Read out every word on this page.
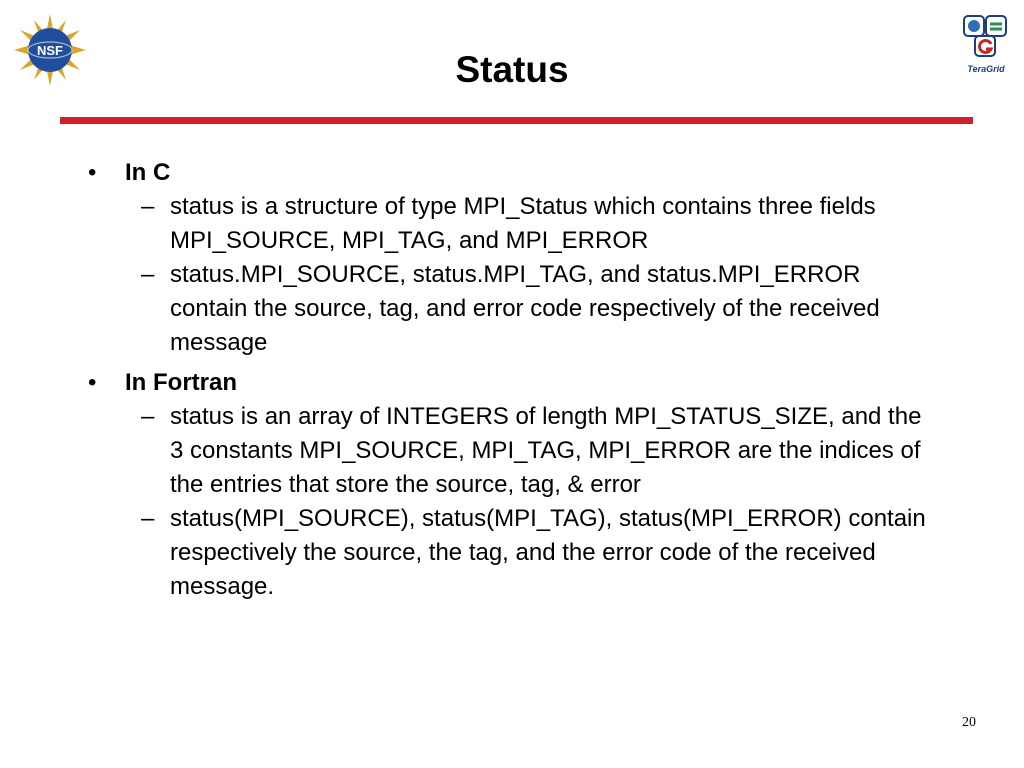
NSF
TeraGrid
Status
• In C
– status is a structure of type MPI_Status which contains three fields MPI_SOURCE, MPI_TAG, and MPI_ERROR
– status.MPI_SOURCE, status.MPI_TAG, and status.MPI_ERROR contain the source, tag, and error code respectively of the received message
• In Fortran
– status is an array of INTEGERS of length MPI_STATUS_SIZE, and the 3 constants MPI_SOURCE, MPI_TAG, MPI_ERROR are the indices of the entries that store the source, tag, & error
– status(MPI_SOURCE), status(MPI_TAG), status(MPI_ERROR) contain respectively the source, the tag, and the error code of the received message.
20
